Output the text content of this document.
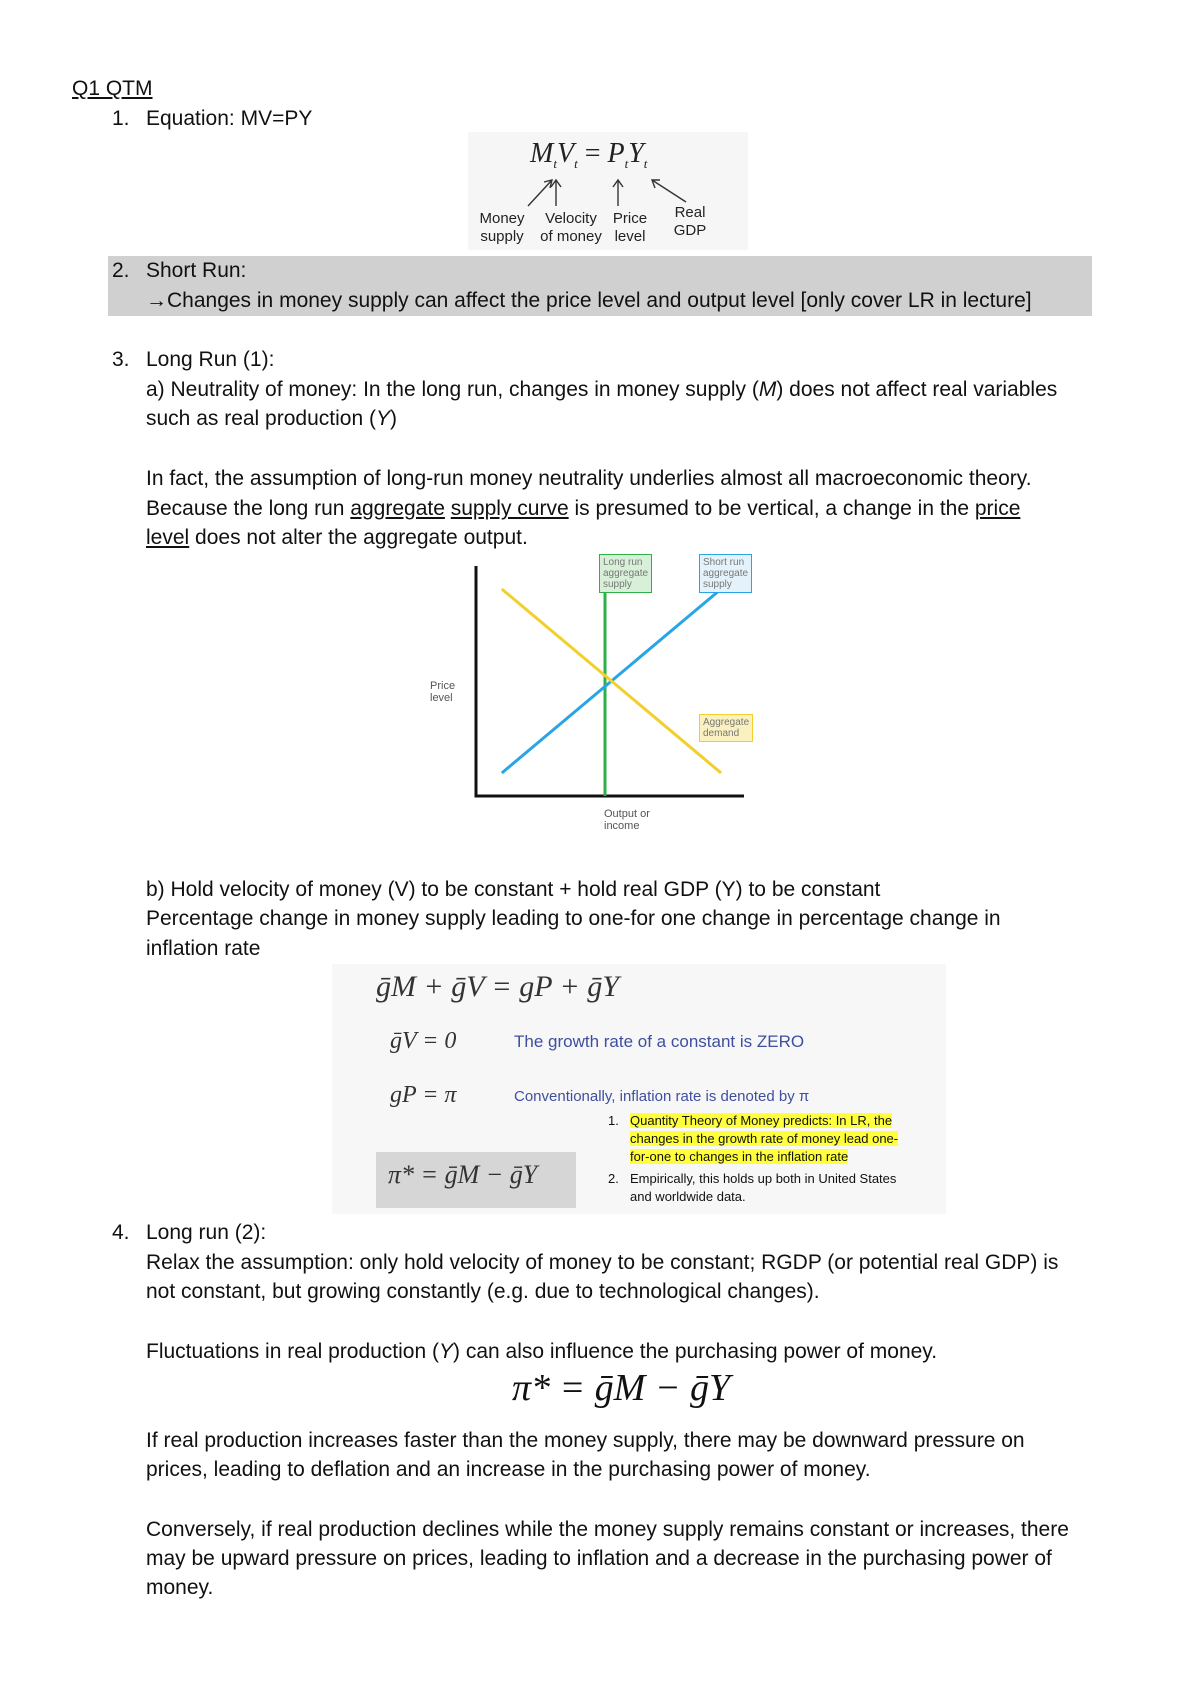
Q1 QTM
1. Equation: MV=PY
$M_tV_t = P_tY_t$
Money
supply
Velocity
of money
Price
level
Real
GDP
2. Short Run:
→Changes in money supply can affect the price level and output level [only cover LR in lecture]
3. Long Run (1):
a) Neutrality of money: In the long run, changes in money supply (M) does not affect real variables
such as real production (Y)
In fact, the assumption of long-run money neutrality underlies almost all macroeconomic theory.
Because the long run aggregate supply curve is presumed to be vertical, a change in the price
level does not alter the aggregate output.
Long run
aggregate
supply
Short run
aggregate
supply
Aggregate
demand
Price
level
Output or
income
b) Hold velocity of money (V) to be constant + hold real GDP (Y) to be constant
Percentage change in money supply leading to one-for one change in percentage change in
inflation rate
ḡM + ḡV = gP + ḡY
ḡV = 0	The growth rate of a constant is ZERO
gP = π	Conventionally, inflation rate is denoted by π
π* = ḡM − ḡY
1. Quantity Theory of Money predicts: In LR, the
changes in the growth rate of money lead one-
for-one to changes in the inflation rate
2. Empirically, this holds up both in United States
and worldwide data.
4. Long run (2):
Relax the assumption: only hold velocity of money to be constant; RGDP (or potential real GDP) is
not constant, but growing constantly (e.g. due to technological changes).
Fluctuations in real production (Y) can also influence the purchasing power of money.
π* = ḡM − ḡY
If real production increases faster than the money supply, there may be downward pressure on
prices, leading to deflation and an increase in the purchasing power of money.
Conversely, if real production declines while the money supply remains constant or increases, there
may be upward pressure on prices, leading to inflation and a decrease in the purchasing power of
money.
